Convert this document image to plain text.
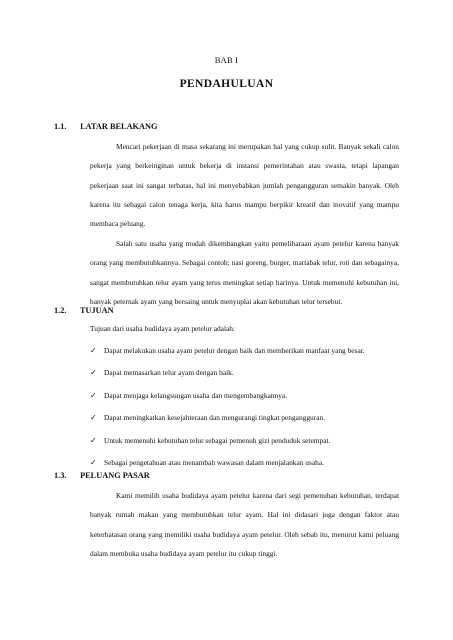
BAB I
PENDAHULUAN
1.1. LATAR BELAKANG

Mencari pekerjaan di masa sekarang ini merupakan hal yang cukup sulit. Banyak sekali calon pekerja yang berkeinginan untuk bekerja di instansi pemerintahan atau swasta, tetapi lapangan pekerjaan saat ini sangat terbatas, hal ini menyebabkan jumlah pengangguran semakin banyak. Oleh karena itu sebagai calon tenaga kerja, kita harus mampu berpikir kreatif dan inovatif yang mampu membaca peluang.

Salah satu usaha yang mudah dikembangkan yaitu pemeliharaan ayam petelur karena banyak orang yang membutuhkannya. Sebagai contoh; nasi goreng, burger, martabak telur, roti dan sebagainya, sangat membutuhkan telur ayam yang terus meningkat setiap harinya. Untuk memenuhi kebutuhan ini, banyak peternak ayam yang bersaing untuk menyuplai akan kebutuhan telur tersebut.

1.2. TUJUAN

Tujuan dari usaha budidaya ayam petelur adalah:

✓ Dapat melakukan usaha ayam petelur dengan baik dan memberikan manfaat yang besar.
✓ Dapat memasarkan telur ayam dengan baik.
✓ Dapat menjaga kelangsungan usaha dan mengembangkannya.
✓ Dapat meningkatkan kesejahteraan dan mengurangi tingkat pengangguran.
✓ Untuk memenuhi kebutuhan telur sebagai pemenuh gizi penduduk setempat.
✓ Sebagai pengetahuan atau menambah wawasan dalam menjalankan usaha.
1.3. PELUANG PASAR

Kami memilih usaha budidaya ayam petelur karena dari segi pemenuhan kebutuhan, terdapat banyak rumah makan yang membutuhkan telur ayam. Hal ini didasari juga dengan faktor atau keterbatasan orang yang memiliki usaha budidaya ayam petelur. Oleh sebab itu, menurut kami peluang dalam membuka usaha budidaya ayam petelur itu cukup tinggi.
